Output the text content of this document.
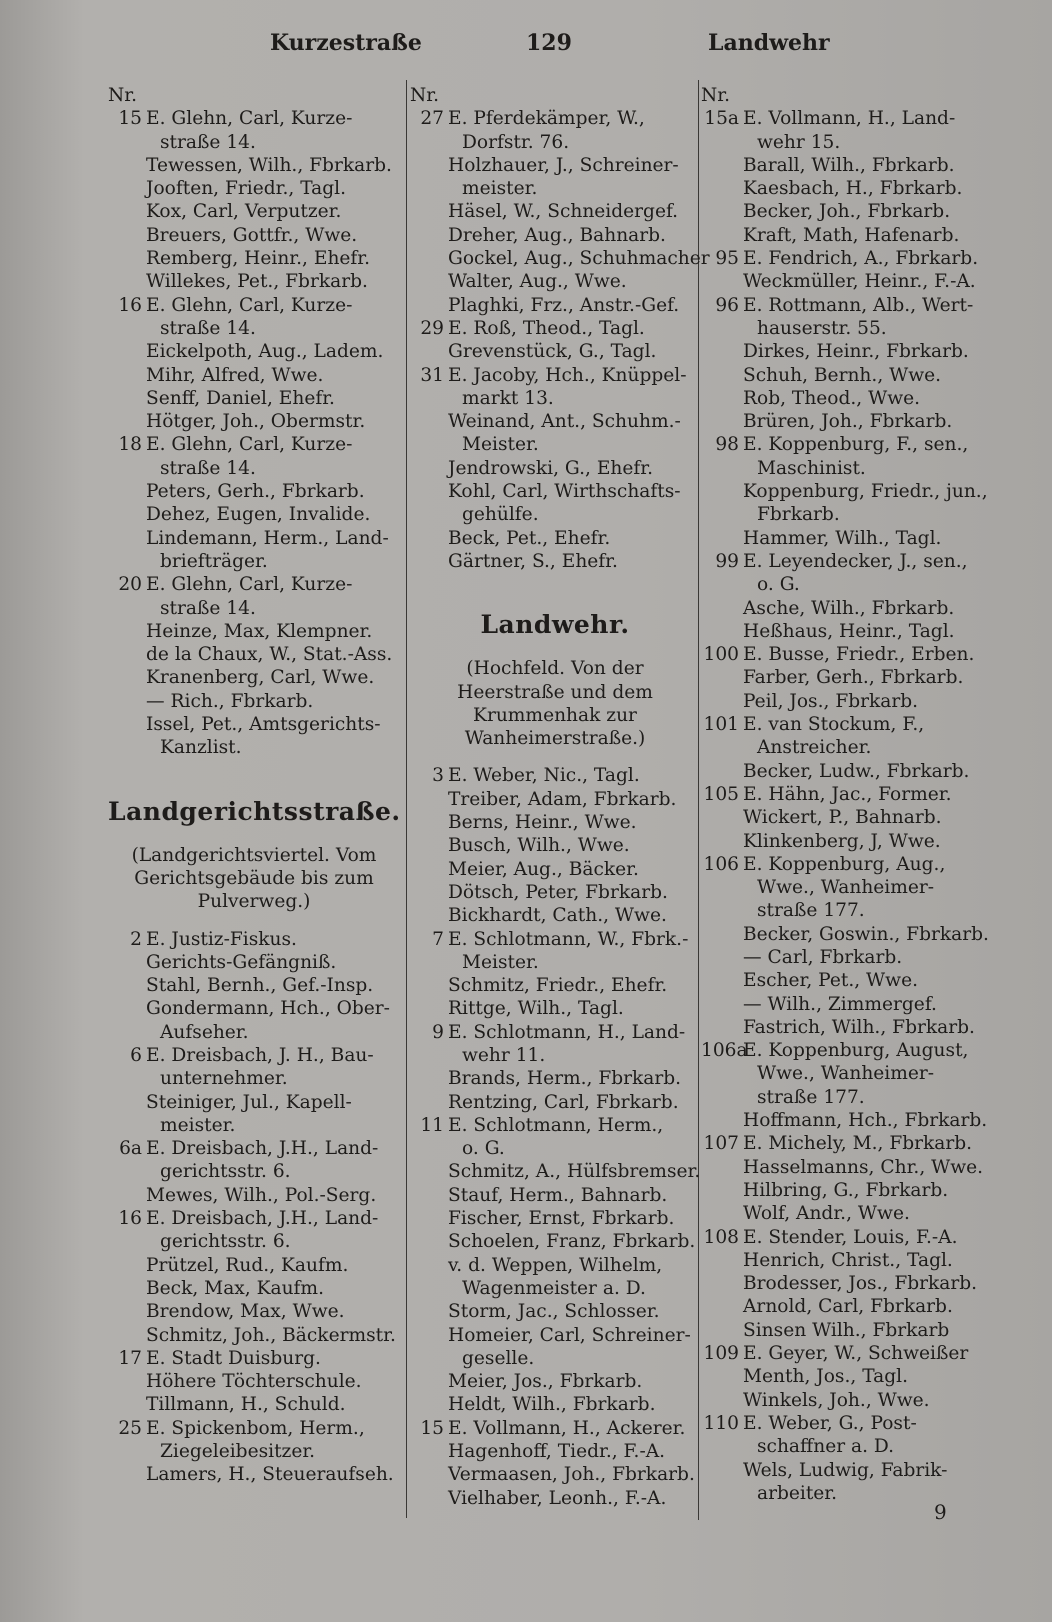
Kurzestraße	129	Landwehr
Nr.
15 E. Glehn, Carl, Kurze-
straße 14.
Tewessen, Wilh., Fbrkarb.
Jooften, Friedr., Tagl.
Kox, Carl, Verputzer.
Breuers, Gottfr., Wwe.
Remberg, Heinr., Ehefr.
Willekes, Pet., Fbrkarb.
16 E. Glehn, Carl, Kurze-
straße 14.
Eickelpoth, Aug., Ladem.
Mihr, Alfred, Wwe.
Senff, Daniel, Ehefr.
Hötger, Joh., Obermstr.
18 E. Glehn, Carl, Kurze-
straße 14.
Peters, Gerh., Fbrkarb.
Dehez, Eugen, Invalide.
Lindemann, Herm., Land-
briefträger.
20 E. Glehn, Carl, Kurze-
straße 14.
Heinze, Max, Klempner.
de la Chaux, W., Stat.-Ass.
Kranenberg, Carl, Wwe.
— Rich., Fbrkarb.
Issel, Pet., Amtsgerichts-
Kanzlist.
Landgerichtsstraße.
(Landgerichtsviertel. Vom Gerichtsgebäude bis zum Pulverweg.)
2 E. Justiz-Fiskus.
Gerichts-Gefängniß.
Stahl, Bernh., Gef.-Insp.
Gondermann, Hch., Ober-
Aufseher.
6 E. Dreisbach, J. H., Bau-
unternehmer.
Steiniger, Jul., Kapell-
meister.
6a E. Dreisbach, J.H., Land-
gerichtsstr. 6.
Mewes, Wilh., Pol.-Serg.
16 E. Dreisbach, J.H., Land-
gerichtsstr. 6.
Prützel, Rud., Kaufm.
Beck, Max, Kaufm.
Brendow, Max, Wwe.
Schmitz, Joh., Bäckermstr.
17 E. Stadt Duisburg.
Höhere Töchterschule.
Tillmann, H., Schuld.
25 E. Spickenbom, Herm.,
Ziegeleibesitzer.
Lamers, H., Steueraufseh.
Nr.
27 E. Pferdekämper, W.,
Dorfstr. 76.
Holzhauer, J., Schreiner-
meister.
Häsel, W., Schneidergef.
Dreher, Aug., Bahnarb.
Gockel, Aug., Schuhmacher
Walter, Aug., Wwe.
Plaghki, Frz., Anstr.-Gef.
29 E. Roß, Theod., Tagl.
Grevenstück, G., Tagl.
31 E. Jacoby, Hch., Knüppel-
markt 13.
Weinand, Ant., Schuhm.-
Meister.
Jendrowski, G., Ehefr.
Kohl, Carl, Wirthschafts-
gehülfe.
Beck, Pet., Ehefr.
Gärtner, S., Ehefr.
Landwehr.
(Hochfeld. Von der Heerstraße und dem Krummenhak zur Wanheimerstraße.)
3 E. Weber, Nic., Tagl.
Treiber, Adam, Fbrkarb.
Berns, Heinr., Wwe.
Busch, Wilh., Wwe.
Meier, Aug., Bäcker.
Dötsch, Peter, Fbrkarb.
Bickhardt, Cath., Wwe.
7 E. Schlotmann, W., Fbrk.-
Meister.
Schmitz, Friedr., Ehefr.
Rittge, Wilh., Tagl.
9 E. Schlotmann, H., Land-
wehr 11.
Brands, Herm., Fbrkarb.
Rentzing, Carl, Fbrkarb.
11 E. Schlotmann, Herm.,
o. G.
Schmitz, A., Hülfsbremser.
Stauf, Herm., Bahnarb.
Fischer, Ernst, Fbrkarb.
Schoelen, Franz, Fbrkarb.
v. d. Weppen, Wilhelm,
Wagenmeister a. D.
Storm, Jac., Schlosser.
Homeier, Carl, Schreiner-
geselle.
Meier, Jos., Fbrkarb.
Heldt, Wilh., Fbrkarb.
15 E. Vollmann, H., Ackerer.
Hagenhoff, Tiedr., F.-A.
Vermaasen, Joh., Fbrkarb.
Vielhaber, Leonh., F.-A.
Nr.
15a E. Vollmann, H., Land-
wehr 15.
Barall, Wilh., Fbrkarb.
Kaesbach, H., Fbrkarb.
Becker, Joh., Fbrkarb.
Kraft, Math, Hafenarb.
95 E. Fendrich, A., Fbrkarb.
Weckmüller, Heinr., F.-A.
96 E. Rottmann, Alb., Wert-
hauserstr. 55.
Dirkes, Heinr., Fbrkarb.
Schuh, Bernh., Wwe.
Rob, Theod., Wwe.
Brüren, Joh., Fbrkarb.
98 E. Koppenburg, F., sen.,
Maschinist.
Koppenburg, Friedr., jun.,
Fbrkarb.
Hammer, Wilh., Tagl.
99 E. Leyendecker, J., sen.,
o. G.
Asche, Wilh., Fbrkarb.
Heßhaus, Heinr., Tagl.
100 E. Busse, Friedr., Erben.
Farber, Gerh., Fbrkarb.
Peil, Jos., Fbrkarb.
101 E. van Stockum, F.,
Anstreicher.
Becker, Ludw., Fbrkarb.
105 E. Hähn, Jac., Former.
Wickert, P., Bahnarb.
Klinkenberg, J, Wwe.
106 E. Koppenburg, Aug.,
Wwe., Wanheimer-
straße 177.
Becker, Goswin., Fbrkarb.
— Carl, Fbrkarb.
Escher, Pet., Wwe.
— Wilh., Zimmergef.
Fastrich, Wilh., Fbrkarb.
106a
E. Koppenburg, August,
Wwe., Wanheimer-
straße 177.
Hoffmann, Hch., Fbrkarb.
107 E. Michely, M., Fbrkarb.
Hasselmanns, Chr., Wwe.
Hilbring, G., Fbrkarb.
Wolf, Andr., Wwe.
108 E. Stender, Louis, F.-A.
Henrich, Christ., Tagl.
Brodesser, Jos., Fbrkarb.
Arnold, Carl, Fbrkarb.
Sinsen Wilh., Fbrkarb
109 E. Geyer, W., Schweißer
Menth, Jos., Tagl.
Winkels, Joh., Wwe.
110 E. Weber, G., Post-
schaffner a. D.
Wels, Ludwig, Fabrik-
arbeiter.
9
